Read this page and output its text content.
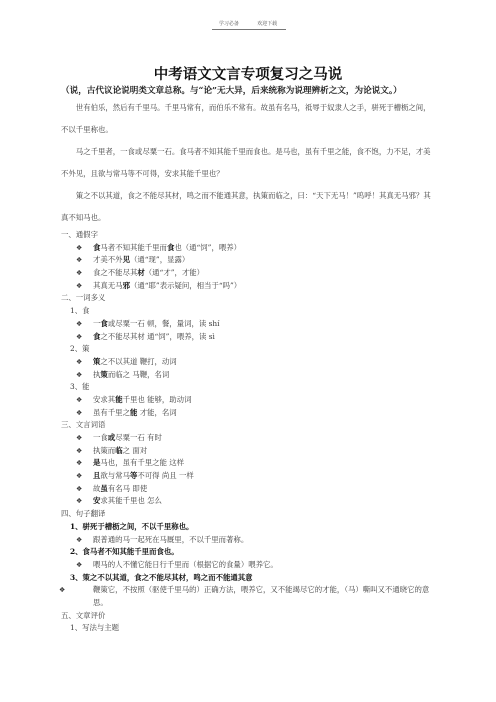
学习必备 　　　 欢迎下载
中考语文文言专项复习之马说
（说，古代议论说明类文章总称。与“论”无大异，后来统称为说理辨析之文，为论说文。）

世有伯乐，然后有千里马。千里马常有，而伯乐不常有。故虽有名马，祗辱于奴隶人之手，骈死于槽枥之间，不以千里称也。

马之千里者，一食或尽粟一石。食马者不知其能千里而食也。是马也，虽有千里之能，食不饱，力不足，才美不外见，且欲与常马等不可得，安求其能千里也？

策之不以其道，食之不能尽其材，鸣之而不能通其意，执策而临之，曰：“天下无马！”呜呼！其真无马邪？其真不知马也。

一、通假字
❖ 食马者不知其能千里而食也（通“饲”，喂养）
❖ 才美不外见（通“现”，显露）
❖ 食之不能尽其材（通“才”，才能）
❖ 其真无马邪（通“耶”表示疑问，相当于“吗”）
二、一词多义
1、食
❖ 一食或尽粟一石 顿，餐，量词，读 shí
❖ 食之不能尽其材 通“饲”，喂养，读 sì
2、策
❖ 策之不以其道 鞭打，动词
❖ 执策而临之 马鞭，名词
3、能
❖ 安求其能千里也 能够，助动词
❖ 虽有千里之能 才能，名词
三、文言词语
❖ 一食或尽粟一石 有时
❖ 执策而临之 面对
❖ 是马也，虽有千里之能 这样
❖ 且欲与常马等不可得 尚且 一样
❖ 故虽有名马 即使
❖ 安求其能千里也 怎么
四、句子翻译
1、骈死于槽枥之间，不以千里称也。
❖ 跟普通的马一起死在马厩里，不以千里而著称。
2、食马者不知其能千里而食也。
❖ 喂马的人不懂它能日行千里而（根据它的食量）喂养它。
3、策之不以其道，食之不能尽其材，鸣之而不能通其意
❖	鞭策它，不按照（驱使千里马的）正确方法，喂养它，又不能竭尽它的才能，（马）嘶叫又不通晓它的意思。
五、文章评价
1、写法与主题
